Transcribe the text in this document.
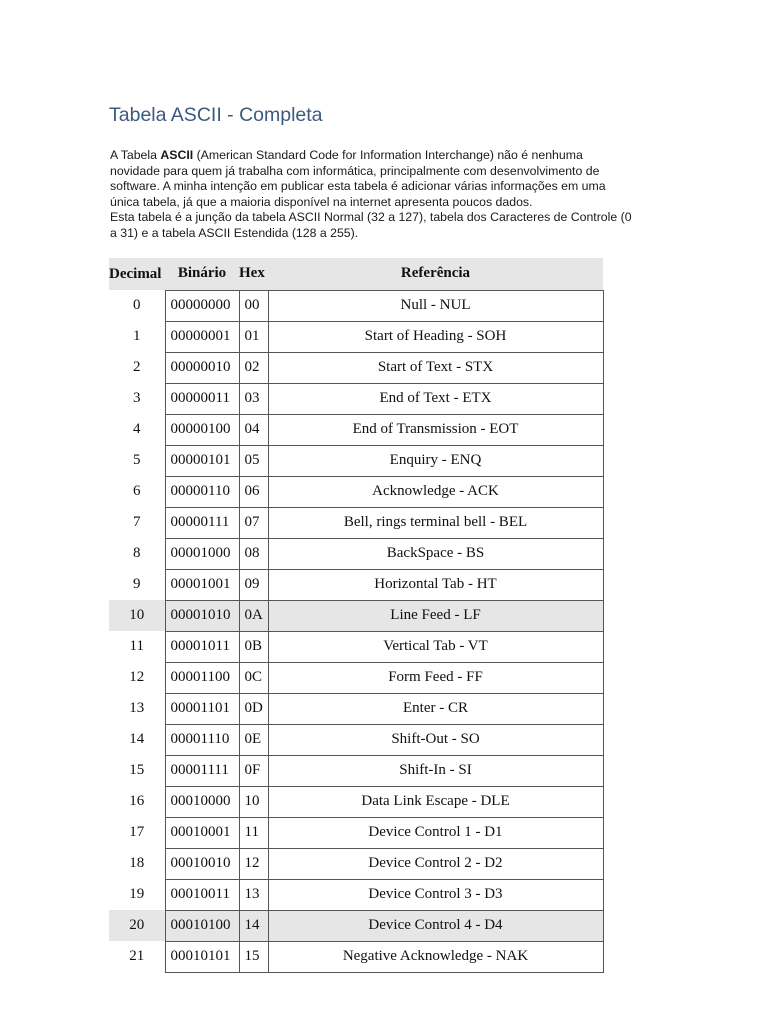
Tabela ASCII - Completa

A Tabela ASCII (American Standard Code for Information Interchange) não é nenhuma

novidade para quem já trabalha com informática, principalmente com desenvolvimento de

software. A minha intenção em publicar esta tabela é adicionar várias informações em uma

única tabela, já que a maioria disponível na internet apresenta poucos dados.

Esta tabela é a junção da tabela ASCII Normal (32 a 127), tabela dos Caracteres de Controle (0

a 31) e a tabela ASCII Estendida (128 a 255).

Decimal	Binário	Hex	Referência
0	00000000	00	Null - NUL
1	00000001	01	Start of Heading - SOH
2	00000010	02	Start of Text - STX
3	00000011	03	End of Text - ETX
4	00000100	04	End of Transmission - EOT
5	00000101	05	Enquiry - ENQ
6	00000110	06	Acknowledge - ACK
7	00000111	07	Bell, rings terminal bell - BEL
8	00001000	08	BackSpace - BS
9	00001001	09	Horizontal Tab - HT
10	00001010	0A	Line Feed - LF
11	00001011	0B	Vertical Tab - VT
12	00001100	0C	Form Feed - FF
13	00001101	0D	Enter - CR
14	00001110	0E	Shift-Out - SO
15	00001111	0F	Shift-In - SI
16	00010000	10	Data Link Escape - DLE
17	00010001	11	Device Control 1 - D1
18	00010010	12	Device Control 2 - D2
19	00010011	13	Device Control 3 - D3
20	00010100	14	Device Control 4 - D4
21	00010101	15	Negative Acknowledge - NAK
